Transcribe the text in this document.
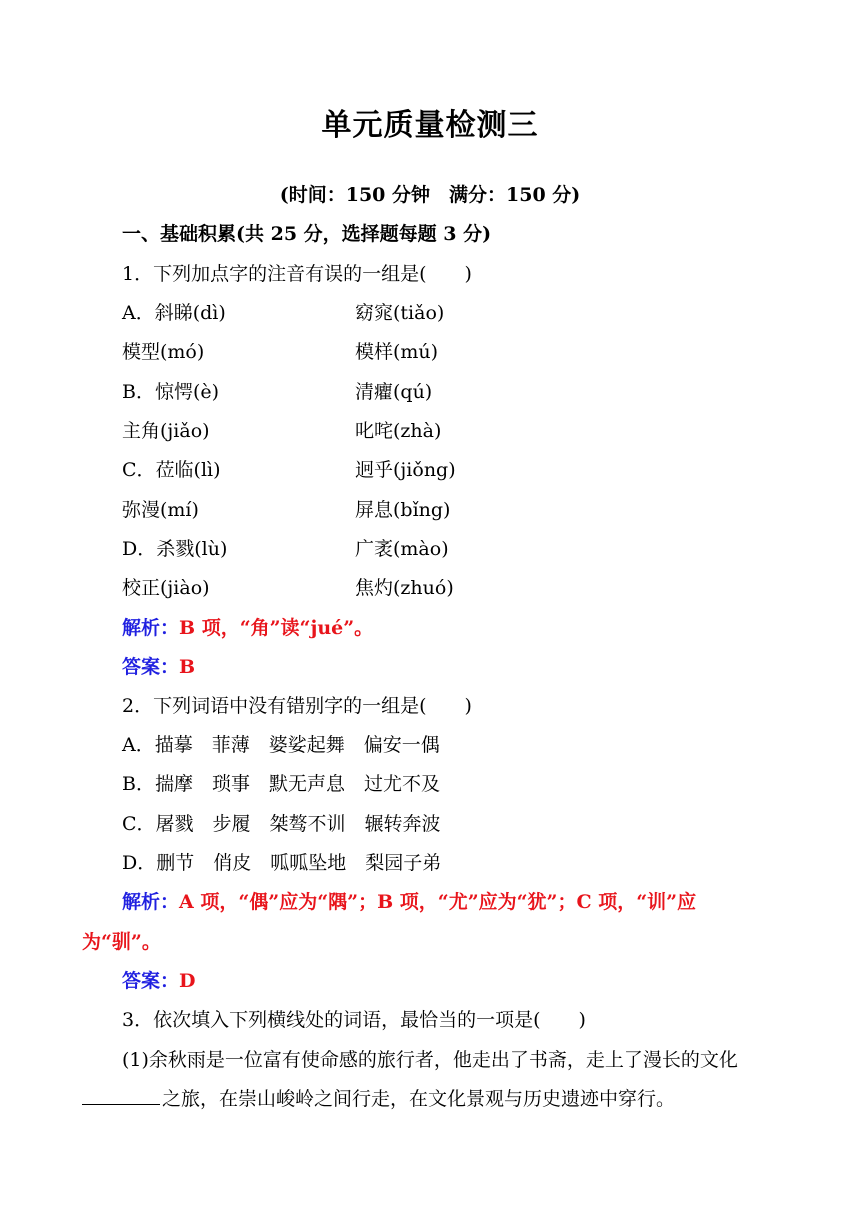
单元质量检测三
(时间：150 分钟　满分：150 分)
一、基础积累(共 25 分，选择题每题 3 分)
1．下列加点字的注音有误的一组是(　　)
A．斜睇(dì)	窈窕(tiǎo)
模型(mó)	模样(mú)
B．惊愕(è)	清癯(qú)
主角(jiǎo)	叱咤(zhà)
C．莅临(lì)	迥乎(jiǒng)
弥漫(mí)	屏息(bǐng)
D．杀戮(lù)	广袤(mào)
校正(jiào)	焦灼(zhuó)
解析：B 项，“角”读“jué”。
答案：B
2．下列词语中没有错别字的一组是(　　)
A．描摹　菲薄　婆娑起舞　偏安一偶
B．揣摩　琐事　默无声息　过尤不及
C．屠戮　步履　桀骜不训　辗转奔波
D．删节　俏皮　呱呱坠地　梨园子弟
解析：A 项，“偶”应为“隅”；B 项，“尤”应为“犹”；C 项，“训”应
为“驯”。
答案：D
3．依次填入下列横线处的词语，最恰当的一项是(　　)
(1)余秋雨是一位富有使命感的旅行者，他走出了书斋，走上了漫长的文化
之旅，在崇山峻岭之间行走，在文化景观与历史遗迹中穿行。
